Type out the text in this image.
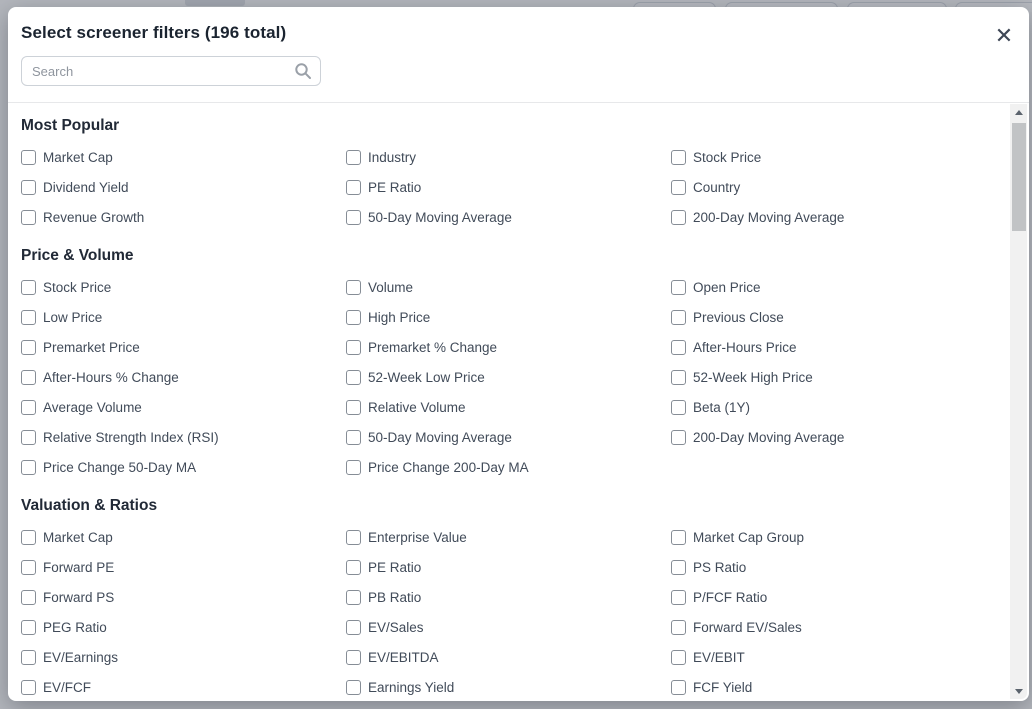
Select screener filters (196 total)
Search	✕
Most Popular
Market Cap	Industry	Stock Price
Dividend Yield	PE Ratio	Country
Revenue Growth	50-Day Moving Average	200-Day Moving Average
Price & Volume
Stock Price	Volume	Open Price
Low Price	High Price	Previous Close
Premarket Price	Premarket % Change	After-Hours Price
After-Hours % Change	52-Week Low Price	52-Week High Price
Average Volume	Relative Volume	Beta (1Y)
Relative Strength Index (RSI)	50-Day Moving Average	200-Day Moving Average
Price Change 50-Day MA	Price Change 200-Day MA
Valuation & Ratios
Market Cap	Enterprise Value	Market Cap Group
Forward PE	PE Ratio	PS Ratio
Forward PS	PB Ratio	P/FCF Ratio
PEG Ratio	EV/Sales	Forward EV/Sales
EV/Earnings	EV/EBITDA	EV/EBIT
EV/FCF	Earnings Yield	FCF Yield
